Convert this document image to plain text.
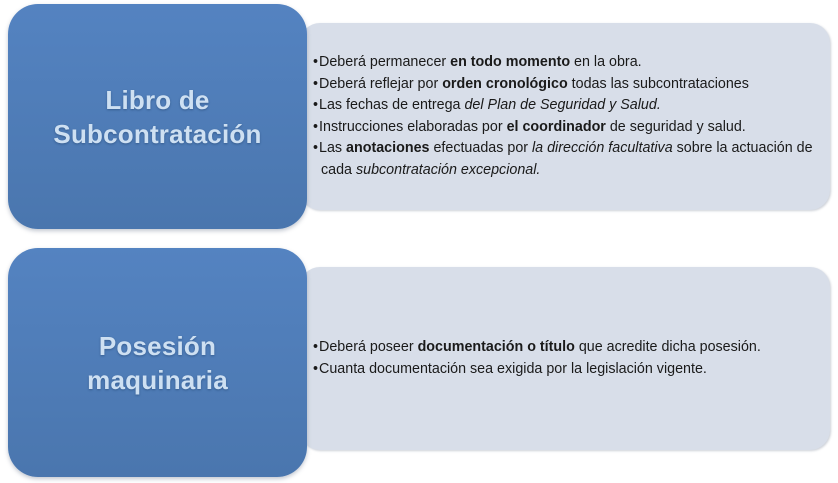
•Deberá permanecer en todo momento en la obra.
•Deberá reflejar por orden cronológico todas las subcontrataciones
•Las fechas de entrega del Plan de Seguridad y Salud.
•Instrucciones elaboradas por el coordinador de seguridad y salud.
•Las anotaciones efectuadas por la dirección facultativa sobre la actuación de cada subcontratación excepcional.
Libro de
Subcontratación
•Deberá poseer documentación o título que acredite dicha posesión.
•Cuanta documentación sea exigida por la legislación vigente.
Posesión
maquinaria
